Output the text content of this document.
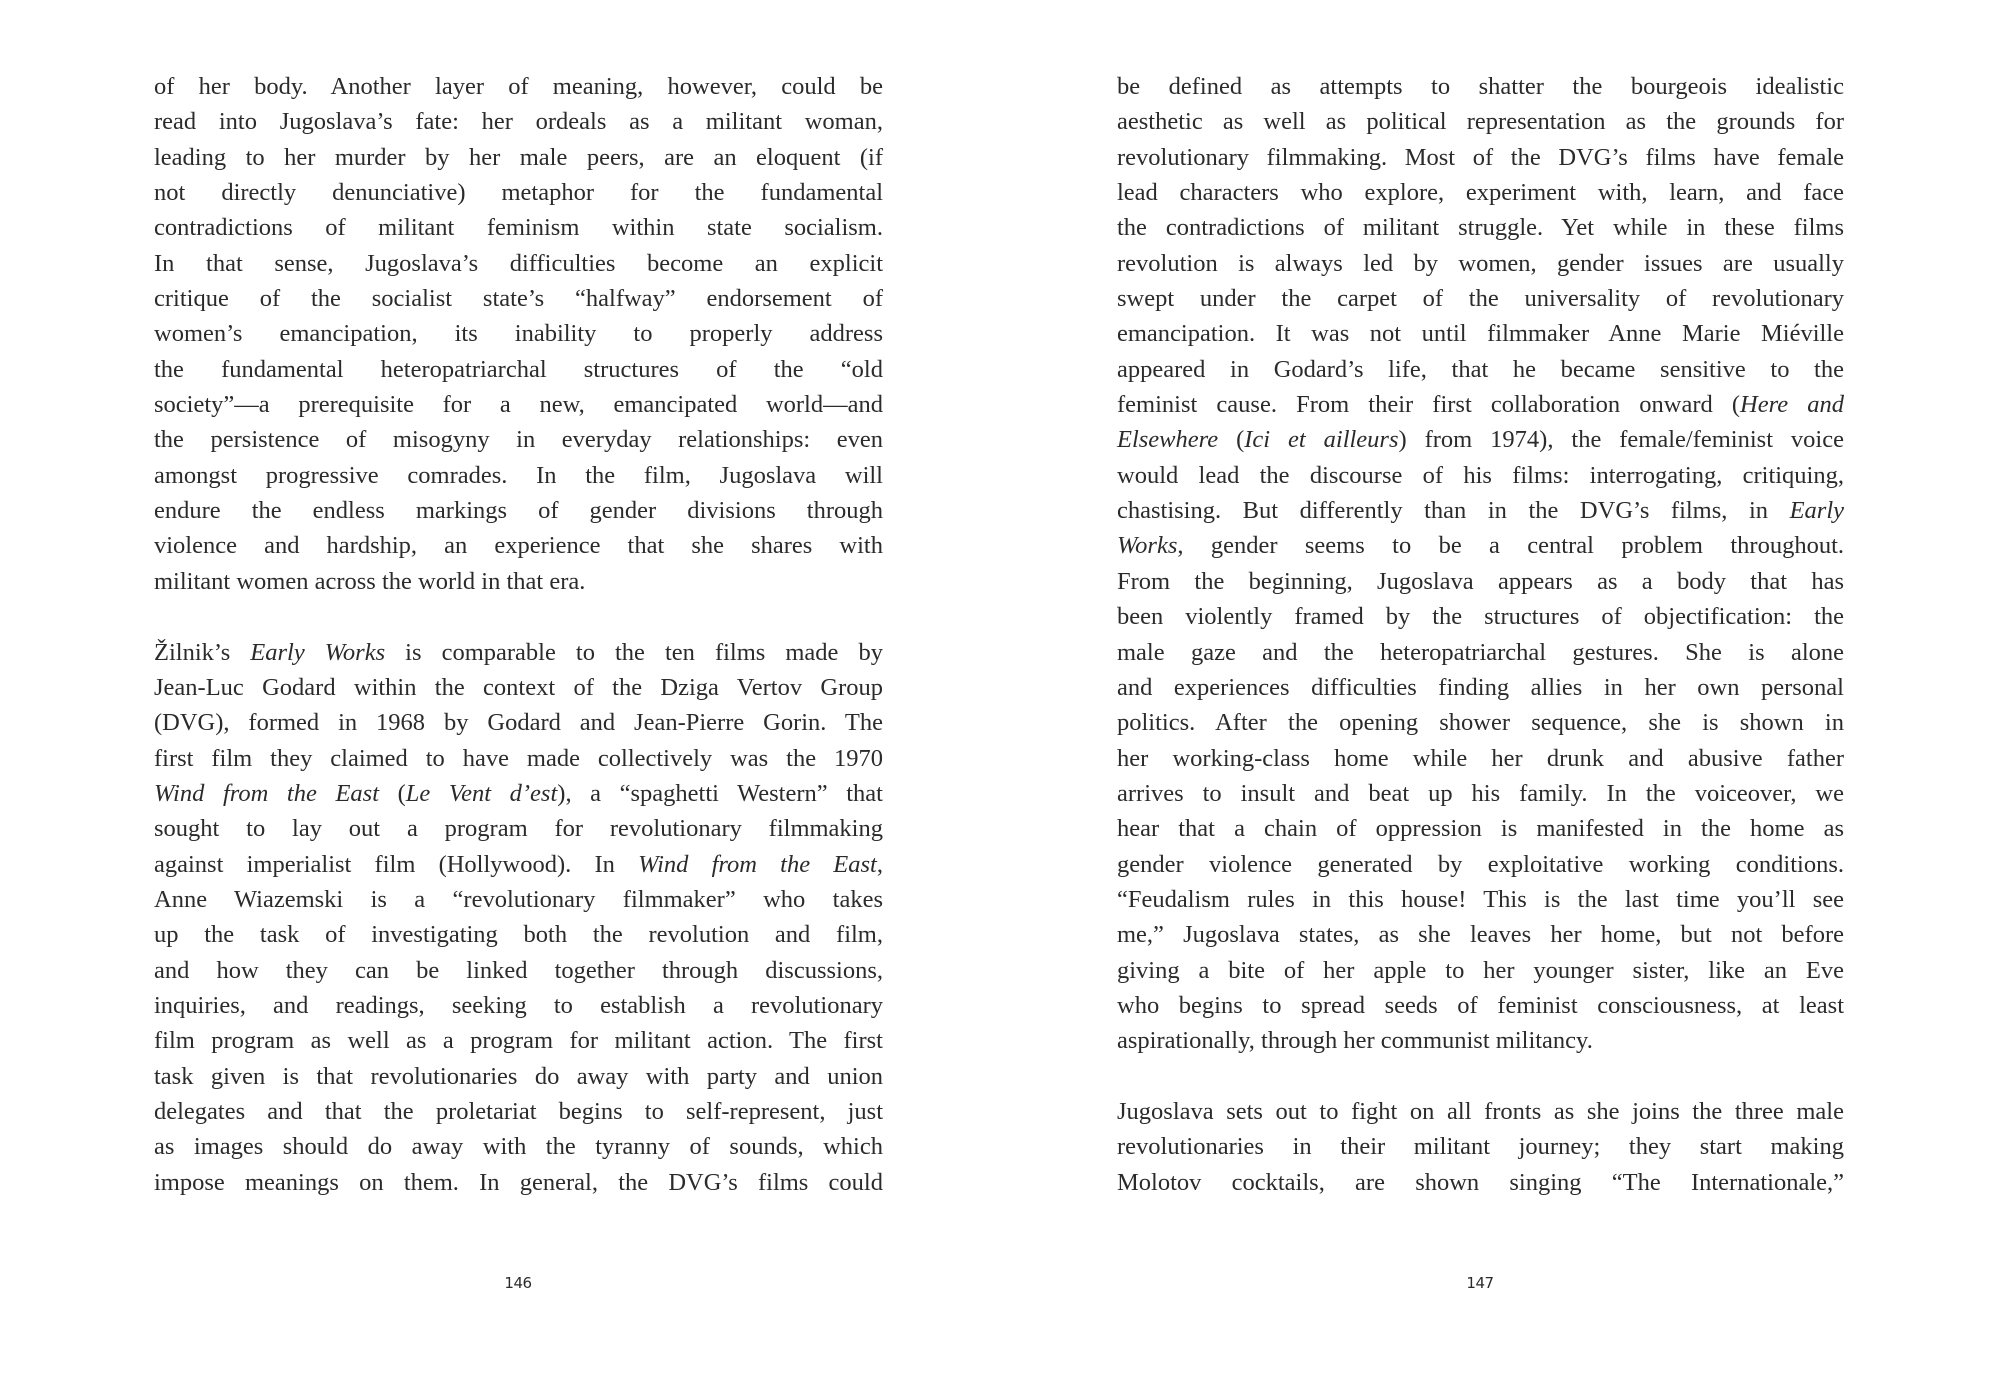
of her body. Another layer of meaning, however, could be
read into Jugoslava’s fate: her ordeals as a militant woman,
leading to her murder by her male peers, are an eloquent (if
not directly denunciative) metaphor for the fundamental
contradictions of militant feminism within state socialism.
In that sense, Jugoslava’s difficulties become an explicit
critique of the socialist state’s “halfway” endorsement of
women’s emancipation, its inability to properly address
the fundamental heteropatriarchal structures of the “old
society”—a prerequisite for a new, emancipated world—and
the persistence of misogyny in everyday relationships: even
amongst progressive comrades. In the film, Jugoslava will
endure the endless markings of gender divisions through
violence and hardship, an experience that she shares with
militant women across the world in that era.
Žilnik’s Early Works is comparable to the ten films made by
Jean-Luc Godard within the context of the Dziga Vertov Group
(DVG), formed in 1968 by Godard and Jean-Pierre Gorin. The
first film they claimed to have made collectively was the 1970
Wind from the East (Le Vent d’est), a “spaghetti Western” that
sought to lay out a program for revolutionary filmmaking
against imperialist film (Hollywood). In Wind from the East,
Anne Wiazemski is a “revolutionary filmmaker” who takes
up the task of investigating both the revolution and film,
and how they can be linked together through discussions,
inquiries, and readings, seeking to establish a revolutionary
film program as well as a program for militant action. The first
task given is that revolutionaries do away with party and union
delegates and that the proletariat begins to self-represent, just
as images should do away with the tyranny of sounds, which
impose meanings on them. In general, the DVG’s films could
146
be defined as attempts to shatter the bourgeois idealistic
aesthetic as well as political representation as the grounds for
revolutionary filmmaking. Most of the DVG’s films have female
lead characters who explore, experiment with, learn, and face
the contradictions of militant struggle. Yet while in these films
revolution is always led by women, gender issues are usually
swept under the carpet of the universality of revolutionary
emancipation. It was not until filmmaker Anne Marie Miéville
appeared in Godard’s life, that he became sensitive to the
feminist cause. From their first collaboration onward (Here and
Elsewhere (Ici et ailleurs) from 1974), the female/feminist voice
would lead the discourse of his films: interrogating, critiquing,
chastising. But differently than in the DVG’s films, in Early
Works, gender seems to be a central problem throughout.
From the beginning, Jugoslava appears as a body that has
been violently framed by the structures of objectification: the
male gaze and the heteropatriarchal gestures. She is alone
and experiences difficulties finding allies in her own personal
politics. After the opening shower sequence, she is shown in
her working-class home while her drunk and abusive father
arrives to insult and beat up his family. In the voiceover, we
hear that a chain of oppression is manifested in the home as
gender violence generated by exploitative working conditions.
“Feudalism rules in this house! This is the last time you’ll see
me,” Jugoslava states, as she leaves her home, but not before
giving a bite of her apple to her younger sister, like an Eve
who begins to spread seeds of feminist consciousness, at least
aspirationally, through her communist militancy.
Jugoslava sets out to fight on all fronts as she joins the three male
revolutionaries in their militant journey; they start making
Molotov cocktails, are shown singing “The Internationale,”
147
